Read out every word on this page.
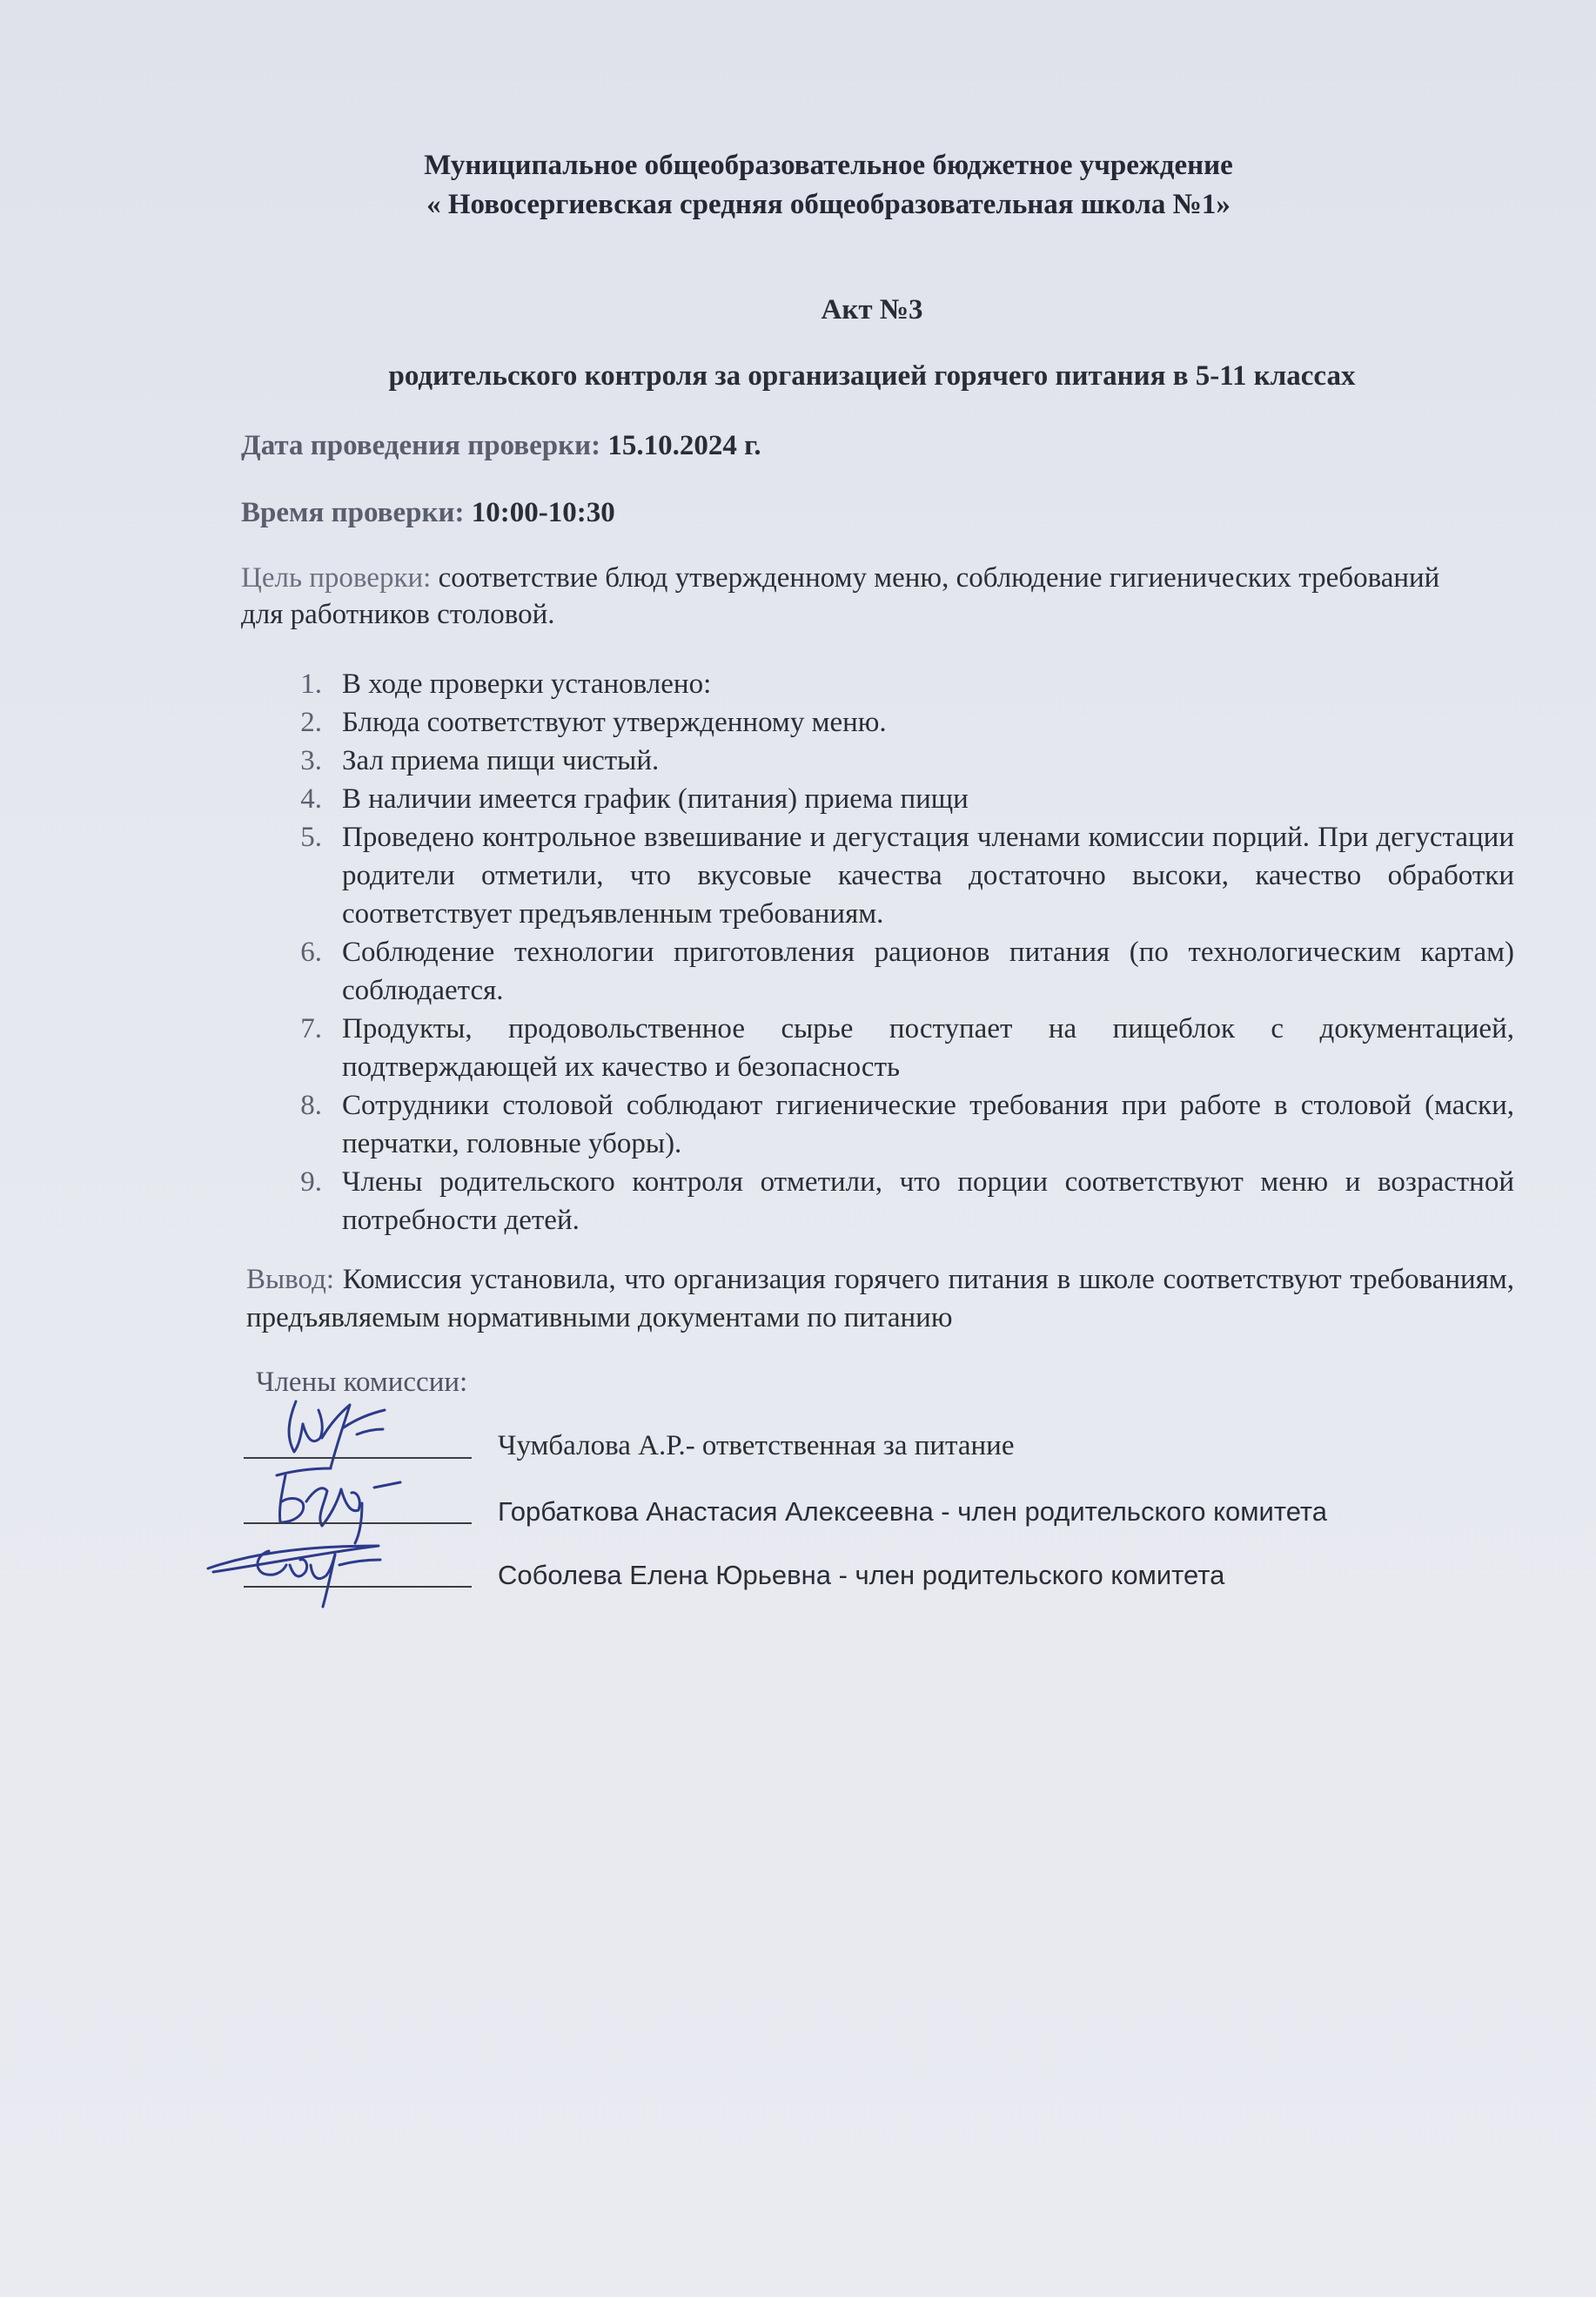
Муниципальное общеобразовательное бюджетное учреждение
« Новосергиевская средняя общеобразовательная школа №1»
Акт №3
родительского контроля за организацией горячего питания в 5-11 классах
Дата проведения проверки: 15.10.2024 г.
Время проверки: 10:00-10:30
Цель проверки: соответствие блюд утвержденному меню, соблюдение гигиенических требований для работников столовой.
1. В ходе проверки установлено:
2. Блюда соответствуют утвержденному меню.
3. Зал приема пищи чистый.
4. В наличии имеется график (питания) приема пищи
5. Проведено контрольное взвешивание и дегустация членами комиссии порций. При дегустации родители отметили, что вкусовые качества достаточно высоки, качество обработки соответствует предъявленным требованиям.
6. Соблюдение технологии приготовления рационов питания (по технологическим картам) соблюдается.
7. Продукты, продовольственное сырье поступает на пищеблок с документацией, подтверждающей их качество и безопасность
8. Сотрудники столовой соблюдают гигиенические требования при работе в столовой (маски, перчатки, головные уборы).
9. Члены родительского контроля отметили, что порции соответствуют меню и возрастной потребности детей.
Вывод: Комиссия установила, что организация горячего питания в школе соответствуют требованиям, предъявляемым нормативными документами по питанию
Члены комиссии:
Чумбалова А.Р.- ответственная за питание
Горбаткова Анастасия Алексеевна - член родительского комитета
Соболева Елена Юрьевна - член родительского комитета
